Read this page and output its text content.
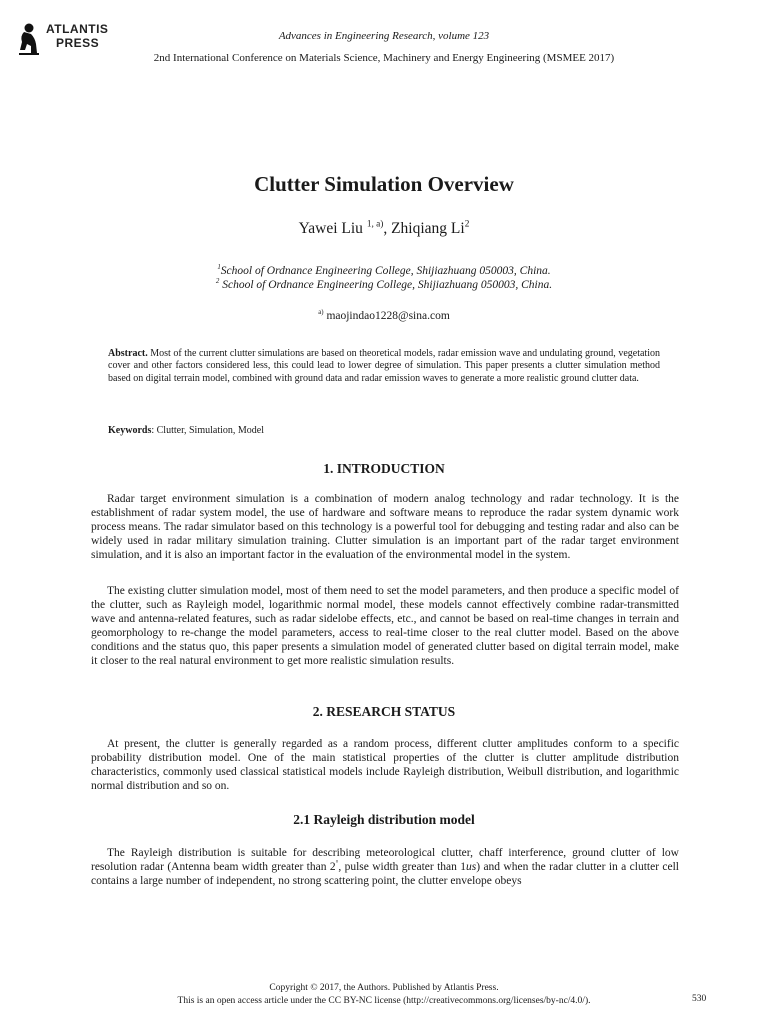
ATLANTIS
PRESS	Advances in Engineering Research, volume 123
2nd International Conference on Materials Science, Machinery and Energy Engineering (MSMEE 2017)
Clutter Simulation Overview
Yawei Liu $^{1, a)}$, Zhiqiang Li$^2$
$^1$School of Ordnance Engineering College, Shijiazhuang 050003, China.
$^2$ School of Ordnance Engineering College, Shijiazhuang 050003, China.
$^{a)}$ maojindao1228@sina.com

Abstract. Most of the current clutter simulations are based on theoretical models, radar emission wave and undulating ground, vegetation cover and other factors considered less, this could lead to lower degree of simulation. This paper presents a clutter simulation method based on digital terrain model, combined with ground data and radar emission waves to generate a more realistic ground clutter data.

Keywords: Clutter, Simulation, Model

1. INTRODUCTION

Radar target environment simulation is a combination of modern analog technology and radar technology. It is the establishment of radar system model, the use of hardware and software means to reproduce the radar system dynamic work process means. The radar simulator based on this technology is a powerful tool for debugging and testing radar and also can be widely used in radar military simulation training. Clutter simulation is an important part of the radar target environment simulation, and it is also an important factor in the evaluation of the environmental model in the system.

The existing clutter simulation model, most of them need to set the model parameters, and then produce a specific model of the clutter, such as Rayleigh model, logarithmic normal model, these models cannot effectively combine radar-transmitted wave and antenna-related features, such as radar sidelobe effects, etc., and cannot be based on real-time changes in terrain and geomorphology to re-change the model parameters, access to real-time closer to the real clutter model. Based on the above conditions and the status quo, this paper presents a simulation model of generated clutter based on digital terrain model, make it closer to the real natural environment to get more realistic simulation results.

2. RESEARCH STATUS

At present, the clutter is generally regarded as a random process, different clutter amplitudes conform to a specific probability distribution model. One of the main statistical properties of the clutter is clutter amplitude distribution characteristics, commonly used classical statistical models include Rayleigh distribution, Weibull distribution, and logarithmic normal distribution and so on.

2.1 Rayleigh distribution model

The Rayleigh distribution is suitable for describing meteorological clutter, chaff interference, ground clutter of low resolution radar (Antenna beam width greater than 2°, pulse width greater than 1us) and when the radar clutter in a clutter cell contains a large number of independent, no strong scattering point, the clutter envelope obeys

Copyright © 2017, the Authors. Published by Atlantis Press.
This is an open access article under the CC BY-NC license (http://creativecommons.org/licenses/by-nc/4.0/).	530
